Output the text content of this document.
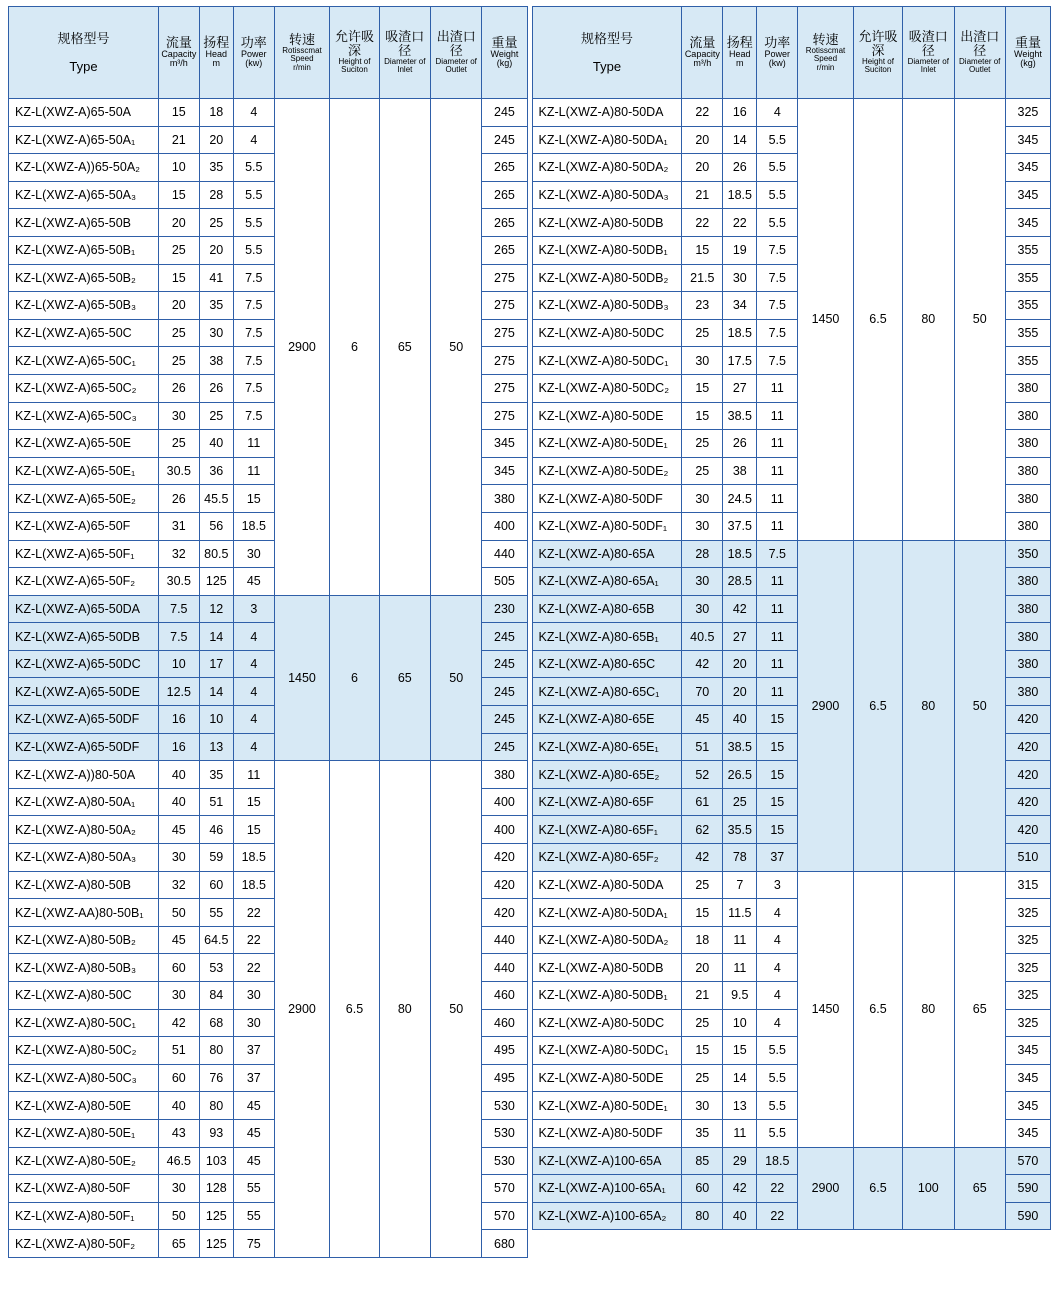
规格型号
Type

流量
Capacity
m³/h

扬程
Head
m

功率
Power
(kw)

转速
Rotisscmat Speed
r/min

允许吸深
Height of Suciton

吸渣口径
Diameter of Inlet

出渣口径
Diameter of Outlet

重量
Weight
(kg)

KZ-L(XWZ-A)65-50A	15	18	4	2900	6	65	50	245
KZ-L(XWZ-A)65-50A₁	21	20	4					245
KZ-L(XWZ-A))65-50A₂	10	35	5.5					265
KZ-L(XWZ-A)65-50A₃	15	28	5.5					265
KZ-L(XWZ-A)65-50B	20	25	5.5					265
KZ-L(XWZ-A)65-50B₁	25	20	5.5					265
KZ-L(XWZ-A)65-50B₂	15	41	7.5					275
KZ-L(XWZ-A)65-50B₃	20	35	7.5					275
KZ-L(XWZ-A)65-50C	25	30	7.5					275
KZ-L(XWZ-A)65-50C₁	25	38	7.5					275
KZ-L(XWZ-A)65-50C₂	26	26	7.5					275
KZ-L(XWZ-A)65-50C₃	30	25	7.5					275
KZ-L(XWZ-A)65-50E	25	40	11					345
KZ-L(XWZ-A)65-50E₁	30.5	36	11					345
KZ-L(XWZ-A)65-50E₂	26	45.5	15					380
KZ-L(XWZ-A)65-50F	31	56	18.5					400
KZ-L(XWZ-A)65-50F₁	32	80.5	30					440
KZ-L(XWZ-A)65-50F₂	30.5	125	45					505
KZ-L(XWZ-A)65-50DA	7.5	12	3	1450	6	65	50	230
KZ-L(XWZ-A)65-50DB	7.5	14	4					245
KZ-L(XWZ-A)65-50DC	10	17	4					245
KZ-L(XWZ-A)65-50DE	12.5	14	4					245
KZ-L(XWZ-A)65-50DF	16	10	4					245
KZ-L(XWZ-A)65-50DF	16	13	4					245
KZ-L(XWZ-A))80-50A	40	35	11	2900	6.5	80	50	380
KZ-L(XWZ-A)80-50A₁	40	51	15					400
KZ-L(XWZ-A)80-50A₂	45	46	15					400
KZ-L(XWZ-A)80-50A₃	30	59	18.5					420
KZ-L(XWZ-A)80-50B	32	60	18.5					420
KZ-L(XWZ-AA)80-50B₁	50	55	22					420
KZ-L(XWZ-A)80-50B₂	45	64.5	22					440
KZ-L(XWZ-A)80-50B₃	60	53	22					440
KZ-L(XWZ-A)80-50C	30	84	30					460
KZ-L(XWZ-A)80-50C₁	42	68	30					460
KZ-L(XWZ-A)80-50C₂	51	80	37					495
KZ-L(XWZ-A)80-50C₃	60	76	37					495
KZ-L(XWZ-A)80-50E	40	80	45					530
KZ-L(XWZ-A)80-50E₁	43	93	45					530
KZ-L(XWZ-A)80-50E₂	46.5	103	45					530
KZ-L(XWZ-A)80-50F	30	128	55					570
KZ-L(XWZ-A)80-50F₁	50	125	55					570
KZ-L(XWZ-A)80-50F₂	65	125	75					680
规格型号
Type

流量
Capacity
m³/h

扬程
Head
m

功率
Power
(kw)

转速
Rotisscmat Speed
r/min

允许吸深
Height of Suciton

吸渣口径
Diameter of Inlet

出渣口径
Diameter of Outlet

重量
Weight
(kg)

KZ-L(XWZ-A)80-50DA	22	16	4	1450	6.5	80	50	325
KZ-L(XWZ-A)80-50DA₁	20	14	5.5					345
KZ-L(XWZ-A)80-50DA₂	20	26	5.5					345
KZ-L(XWZ-A)80-50DA₃	21	18.5	5.5					345
KZ-L(XWZ-A)80-50DB	22	22	5.5					345
KZ-L(XWZ-A)80-50DB₁	15	19	7.5					355
KZ-L(XWZ-A)80-50DB₂	21.5	30	7.5					355
KZ-L(XWZ-A)80-50DB₃	23	34	7.5					355
KZ-L(XWZ-A)80-50DC	25	18.5	7.5					355
KZ-L(XWZ-A)80-50DC₁	30	17.5	7.5					355
KZ-L(XWZ-A)80-50DC₂	15	27	11					380
KZ-L(XWZ-A)80-50DE	15	38.5	11					380
KZ-L(XWZ-A)80-50DE₁	25	26	11					380
KZ-L(XWZ-A)80-50DE₂	25	38	11					380
KZ-L(XWZ-A)80-50DF	30	24.5	11					380
KZ-L(XWZ-A)80-50DF₁	30	37.5	11					380
KZ-L(XWZ-A)80-65A	28	18.5	7.5	2900	6.5	80	50	350
KZ-L(XWZ-A)80-65A₁	30	28.5	11					380
KZ-L(XWZ-A)80-65B	30	42	11					380
KZ-L(XWZ-A)80-65B₁	40.5	27	11					380
KZ-L(XWZ-A)80-65C	42	20	11					380
KZ-L(XWZ-A)80-65C₁	70	20	11					380
KZ-L(XWZ-A)80-65E	45	40	15					420
KZ-L(XWZ-A)80-65E₁	51	38.5	15					420
KZ-L(XWZ-A)80-65E₂	52	26.5	15					420
KZ-L(XWZ-A)80-65F	61	25	15					420
KZ-L(XWZ-A)80-65F₁	62	35.5	15					420
KZ-L(XWZ-A)80-65F₂	42	78	37					510
KZ-L(XWZ-A)80-50DA	25	7	3	1450	6.5	80	65	315
KZ-L(XWZ-A)80-50DA₁	15	11.5	4					325
KZ-L(XWZ-A)80-50DA₂	18	11	4					325
KZ-L(XWZ-A)80-50DB	20	11	4					325
KZ-L(XWZ-A)80-50DB₁	21	9.5	4					325
KZ-L(XWZ-A)80-50DC	25	10	4					325
KZ-L(XWZ-A)80-50DC₁	15	15	5.5					345
KZ-L(XWZ-A)80-50DE	25	14	5.5					345
KZ-L(XWZ-A)80-50DE₁	30	13	5.5					345
KZ-L(XWZ-A)80-50DF	35	11	5.5					345
KZ-L(XWZ-A)100-65A	85	29	18.5	2900	6.5	100	65	570
KZ-L(XWZ-A)100-65A₁	60	42	22					590
KZ-L(XWZ-A)100-65A₂	80	40	22					590
